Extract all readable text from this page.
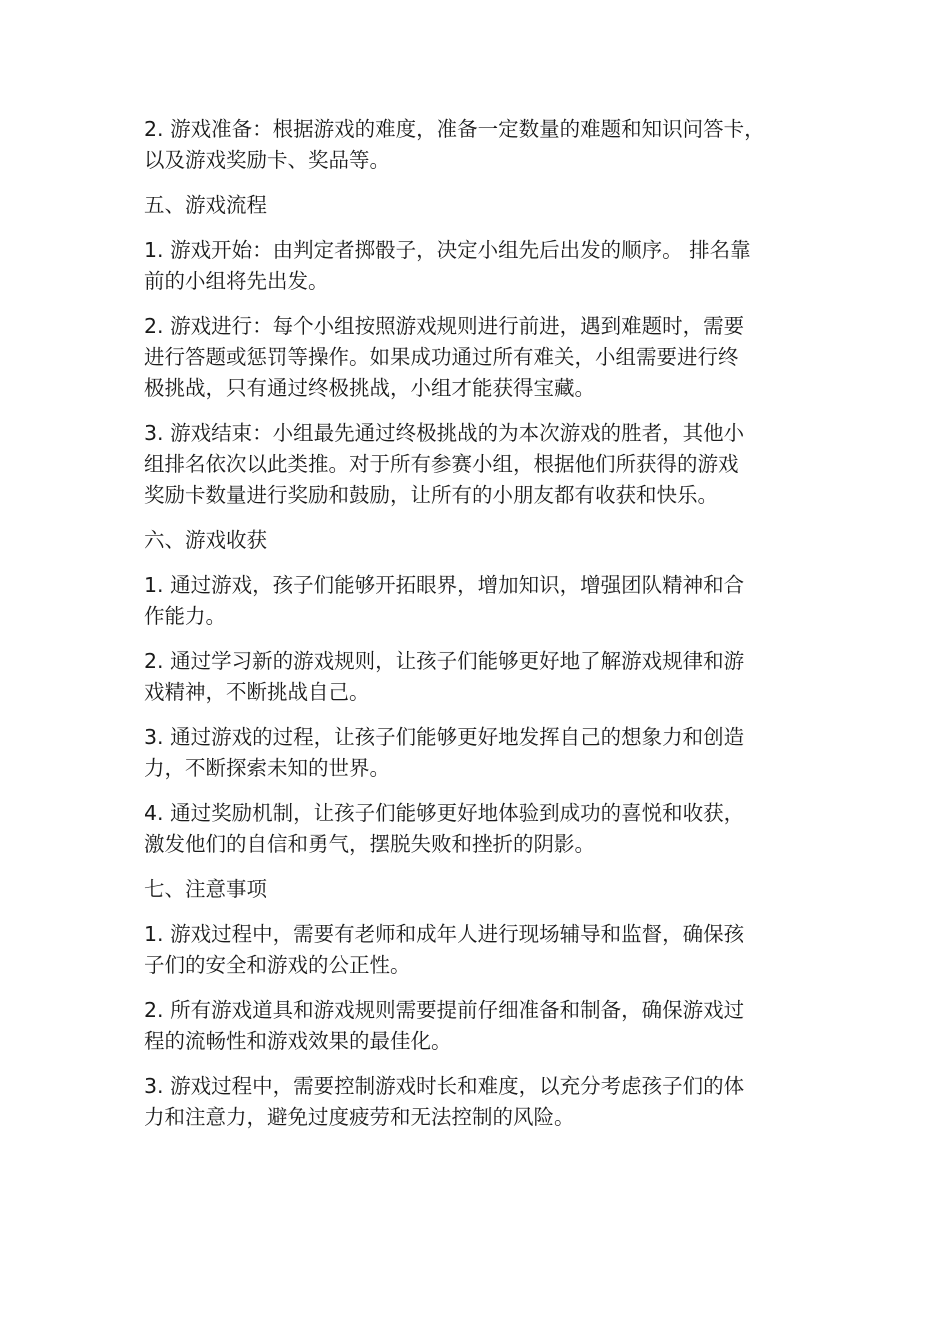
2. 游戏准备：根据游戏的难度，准备一定数量的难题和知识问答卡，
以及游戏奖励卡、奖品等。

五、游戏流程

1. 游戏开始：由判定者掷骰子，决定小组先后出发的顺序。 排名靠
前的小组将先出发。

2. 游戏进行：每个小组按照游戏规则进行前进，遇到难题时，需要
进行答题或惩罚等操作。如果成功通过所有难关，小组需要进行终
极挑战，只有通过终极挑战，小组才能获得宝藏。

3. 游戏结束：小组最先通过终极挑战的为本次游戏的胜者，其他小
组排名依次以此类推。对于所有参赛小组，根据他们所获得的游戏
奖励卡数量进行奖励和鼓励，让所有的小朋友都有收获和快乐。

六、游戏收获

1. 通过游戏，孩子们能够开拓眼界，增加知识，增强团队精神和合
作能力。

2. 通过学习新的游戏规则，让孩子们能够更好地了解游戏规律和游
戏精神，不断挑战自己。

3. 通过游戏的过程，让孩子们能够更好地发挥自己的想象力和创造
力，不断探索未知的世界。

4. 通过奖励机制，让孩子们能够更好地体验到成功的喜悦和收获，
激发他们的自信和勇气，摆脱失败和挫折的阴影。

七、注意事项

1. 游戏过程中，需要有老师和成年人进行现场辅导和监督，确保孩
子们的安全和游戏的公正性。

2. 所有游戏道具和游戏规则需要提前仔细准备和制备，确保游戏过
程的流畅性和游戏效果的最佳化。

3. 游戏过程中，需要控制游戏时长和难度，以充分考虑孩子们的体
力和注意力，避免过度疲劳和无法控制的风险。
